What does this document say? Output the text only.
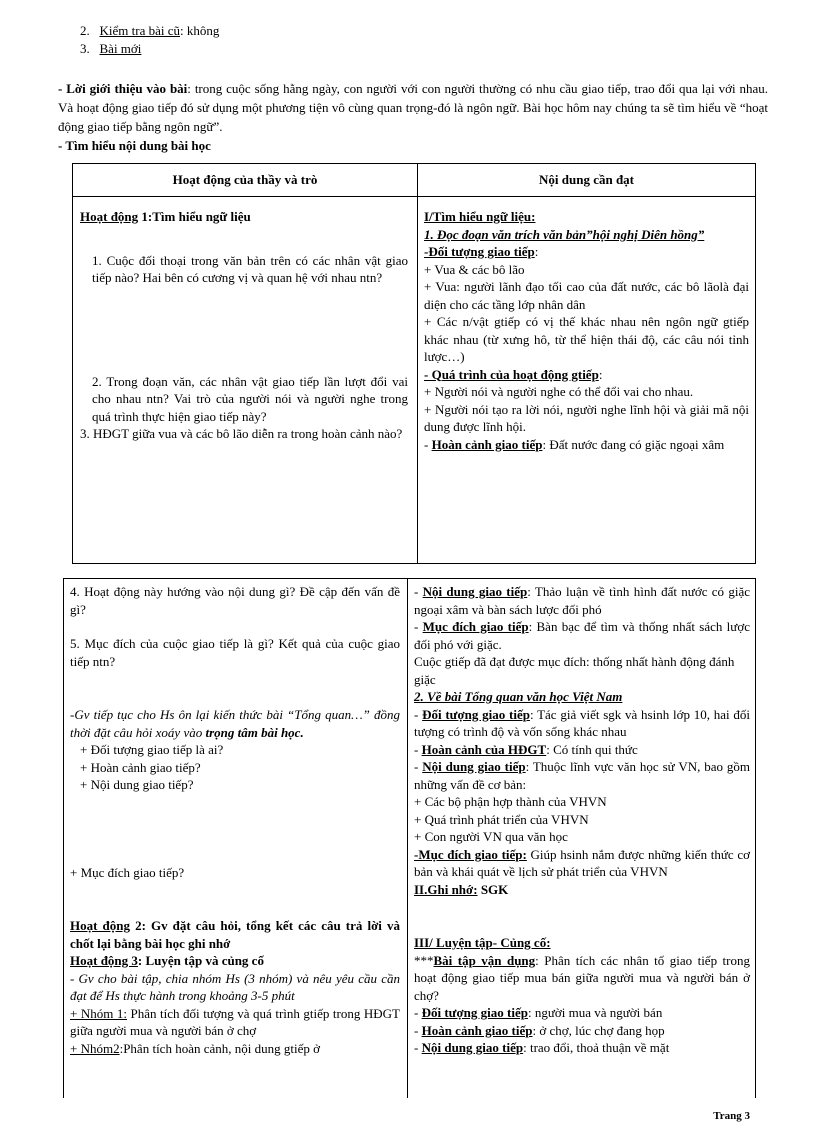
2. Kiểm tra bài cũ: không
3. Bài mới

- Lời giới thiệu vào bài: trong cuộc sống hằng ngày, con người với con người thường có nhu cầu giao tiếp, trao đổi qua lại với nhau. Và hoạt động giao tiếp đó sử dụng một phương tiện vô cùng quan trọng-đó là ngôn ngữ. Bài học hôm nay chúng ta sẽ tìm hiểu về “hoạt động giao tiếp bằng ngôn ngữ”.

- Tìm hiểu nội dung bài học

Hoạt động của thầy và trò	Nội dung cần đạt

Hoạt động 1:Tìm hiểu ngữ liệu

1. Cuộc đối thoại trong văn bản trên có các nhân vật giao tiếp nào? Hai bên có cương vị và quan hệ với nhau ntn?

2. Trong đoạn văn, các nhân vật giao tiếp lần lượt đổi vai cho nhau ntn? Vai trò của người nói và người nghe trong quá trình thực hiện giao tiếp này?

3. HĐGT giữa vua và các bô lão diễn ra trong hoàn cảnh nào?

I/Tìm hiểu ngữ liệu:

1. Đọc đoạn văn trích văn bản”hội nghị Diên hồng”

-Đối tượng giao tiếp:

+ Vua & các bô lão

+ Vua: người lãnh đạo tối cao của đất nước, các bô lãolà đại diện cho các tầng lớp nhân dân

+ Các n/vật gtiếp có vị thế khác nhau nên ngôn ngữ gtiếp khác nhau (từ xưng hô, từ thể hiện thái độ, các câu nói tỉnh lược…)

- Quá trình của hoạt động gtiếp:

+ Người nói và người nghe có thể đổi vai cho nhau.

+ Người nói tạo ra lời nói, người nghe lĩnh hội và giải mã nội dung được lĩnh hội.

- Hoàn cảnh giao tiếp: Đất nước đang có giặc ngoại xâm

4. Hoạt động này hướng vào nội dung gì? Đề cập đến vấn đề gì?

5. Mục đích của cuộc giao tiếp là gì? Kết quả của cuộc giao tiếp ntn?

-Gv tiếp tục cho Hs ôn lại kiến thức bài “Tổng quan…” đồng thời đặt câu hỏi xoáy vào trọng tâm bài học.

+ Đối tượng giao tiếp là ai?

+ Hoàn cảnh giao tiếp?

+ Nội dung giao tiếp?

+ Mục đích giao tiếp?

Hoạt động 2: Gv đặt câu hỏi, tổng kết các câu trả lời và chốt lại bằng bài học ghi nhớ

Hoạt động 3: Luyện tập và củng cố

- Gv cho bài tập, chia nhóm Hs (3 nhóm) và nêu yêu cầu cần đạt để Hs thực hành trong khoảng 3-5 phút

+ Nhóm 1: Phân tích đối tượng và quá trình gtiếp trong HĐGT giữa người mua và người bán ở chợ

+ Nhóm2:Phân tích hoàn cảnh, nội dung gtiếp ở

- Nội dung giao tiếp: Thảo luận về tình hình đất nước có giặc ngoại xâm và bàn sách lược đối phó

- Mục đích giao tiếp: Bàn bạc để tìm và thống nhất sách lược đối phó với giặc.

Cuộc gtiếp đã đạt được mục đích: thống nhất hành động đánh giặc

2. Về bài Tổng quan văn học Việt Nam

- Đối tượng giao tiếp: Tác giả viết sgk và hsinh lớp 10, hai đối tượng có trình độ và vốn sống khác nhau

- Hoàn cảnh của HĐGT: Có tính qui thức

- Nội dung giao tiếp: Thuộc lĩnh vực văn học sử VN, bao gồm những vấn đề cơ bản:

+ Các bộ phận hợp thành của VHVN

+ Quá trình phát triển của VHVN

+ Con người VN qua văn học

-Mục đích giao tiếp: Giúp hsinh nắm được những kiến thức cơ bản và khái quát về lịch sử phát triển của VHVN

II.Ghi nhớ: SGK

III/ Luyện tập- Củng cố:

***Bài tập vận dụng: Phân tích các nhân tố giao tiếp trong hoạt động giao tiếp mua bán giữa người mua và người bán ở chợ?

- Đối tượng giao tiếp: người mua và người bán

- Hoàn cảnh giao tiếp: ở chợ, lúc chợ đang họp

- Nội dung giao tiếp: trao đổi, thoả thuận về mặt

Trang 3
